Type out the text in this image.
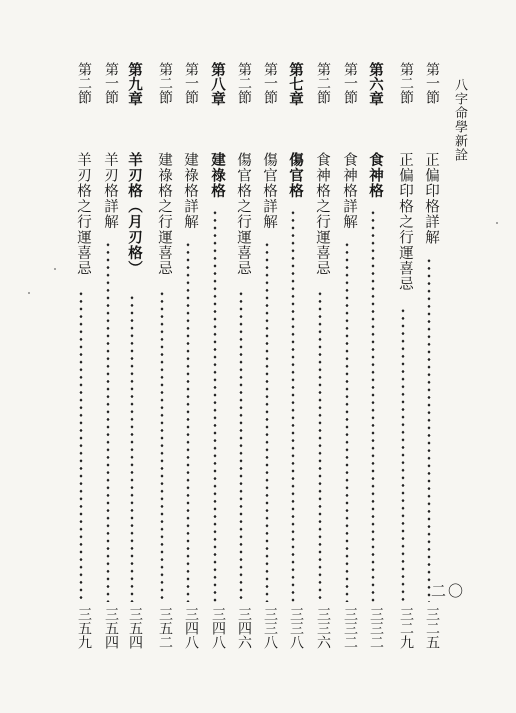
八字命學新詮
二〇
第一節
正偏印格詳解
三二五
第二節
正偏印格之行運喜忌
三二九
第六章
食神格
三三二
第一節
食神格詳解
三三二
第二節
食神格之行運喜忌
三三六
第七章
傷官格
三三八
第一節
傷官格詳解
三三八
第二節
傷官格之行運喜忌
三四六
第八章
建祿格
三四八
第一節
建祿格詳解
三四八
第二節
建祿格之行運喜忌
三五二
第九章
羊刃格（月刃格）
三五四
第一節
羊刃格詳解
三五四
第二節
羊刃格之行運喜忌
三五九
